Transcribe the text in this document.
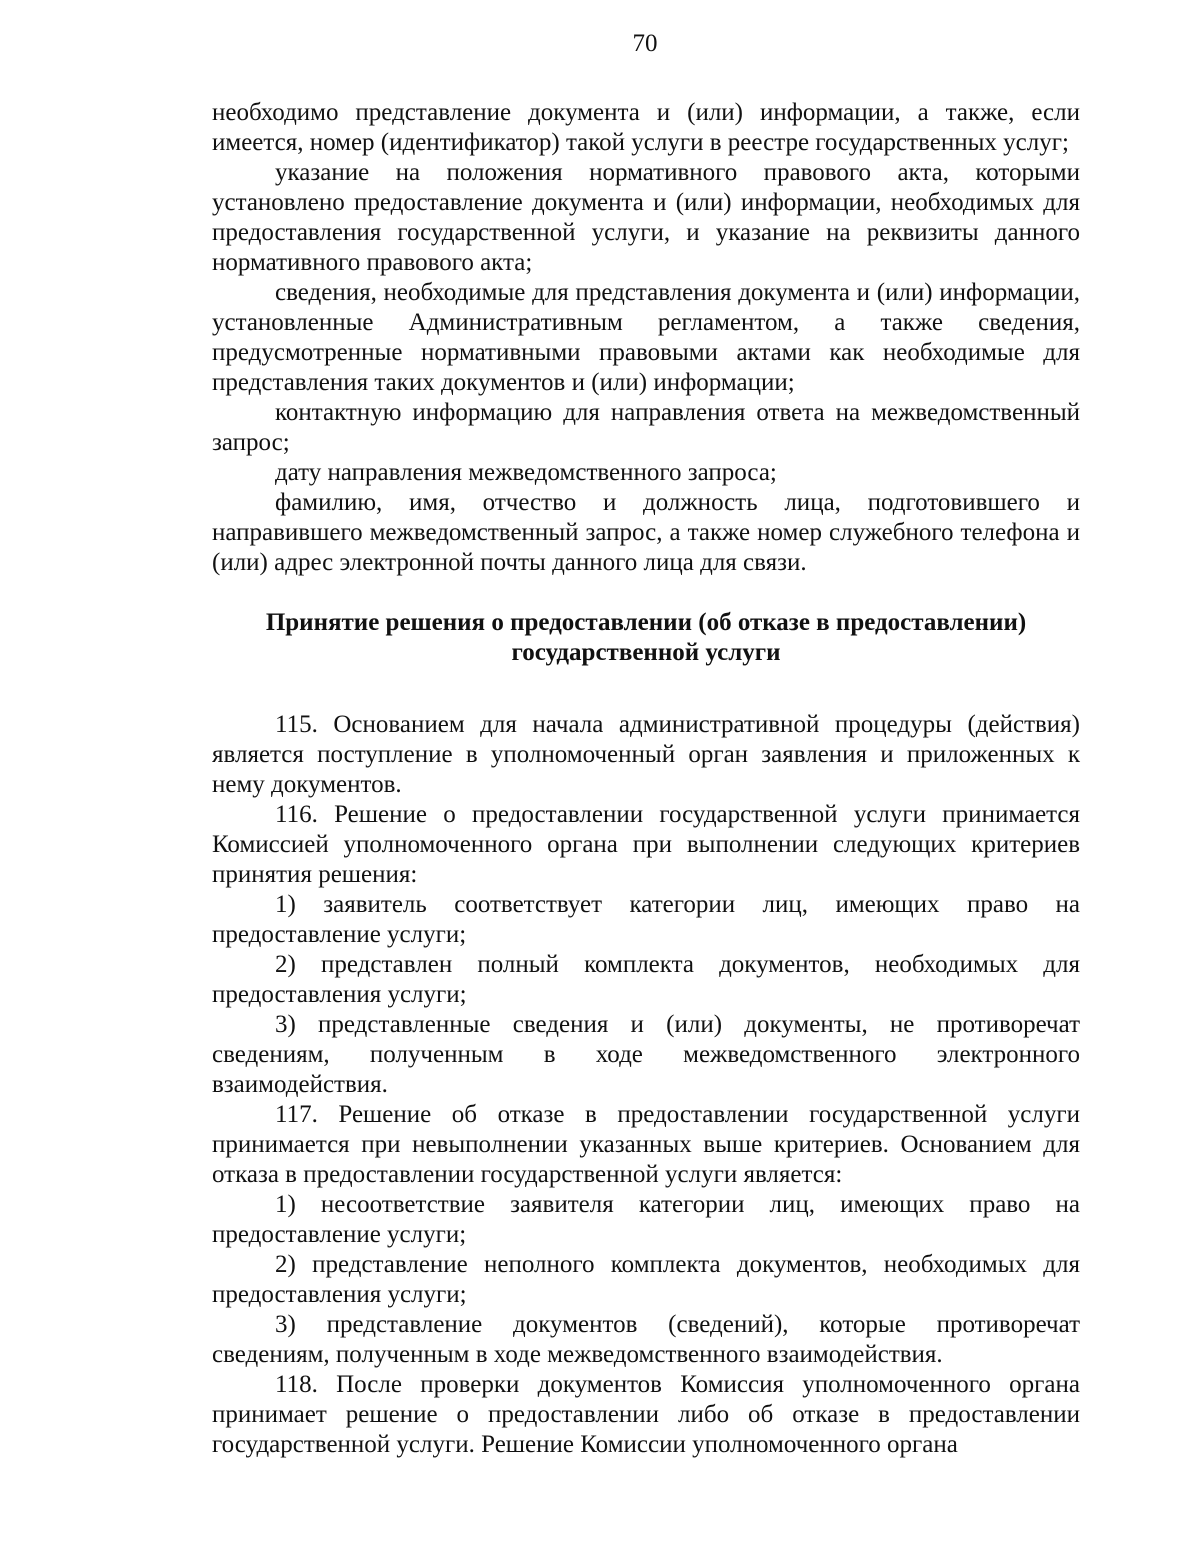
70

необходимо представление документа и (или) информации, а также, если имеется, номер (идентификатор) такой услуги в реестре государственных услуг;

указание на положения нормативного правового акта, которыми установлено предоставление документа и (или) информации, необходимых для предоставления государственной услуги, и указание на реквизиты данного нормативного правового акта;

сведения, необходимые для представления документа и (или) информации, установленные Административным регламентом, а также сведения, предусмотренные нормативными правовыми актами как необходимые для представления таких документов и (или) информации;

контактную информацию для направления ответа на межведомственный запрос;

дату направления межведомственного запроса;

фамилию, имя, отчество и должность лица, подготовившего и направившего межведомственный запрос, а также номер служебного телефона и (или) адрес электронной почты данного лица для связи.

Принятие решения о предоставлении (об отказе в предоставлении)

государственной услуги

115. Основанием для начала административной процедуры (действия) является поступление в уполномоченный орган заявления и приложенных к нему документов.

116. Решение о предоставлении государственной услуги принимается Комиссией уполномоченного органа при выполнении следующих критериев принятия решения:

1) заявитель соответствует категории лиц, имеющих право на предоставление услуги;

2) представлен полный комплекта документов, необходимых для предоставления услуги;

3) представленные сведения и (или) документы, не противоречат сведениям, полученным в ходе межведомственного электронного взаимодействия.

117. Решение об отказе в предоставлении государственной услуги принимается при невыполнении указанных выше критериев. Основанием для отказа в предоставлении государственной услуги является:

1) несоответствие заявителя категории лиц, имеющих право на предоставление услуги;

2) представление неполного комплекта документов, необходимых для предоставления услуги;

3) представление документов (сведений), которые противоречат сведениям, полученным в ходе межведомственного взаимодействия.

118. После проверки документов Комиссия уполномоченного органа принимает решение о предоставлении либо об отказе в предоставлении государственной услуги. Решение Комиссии уполномоченного органа
